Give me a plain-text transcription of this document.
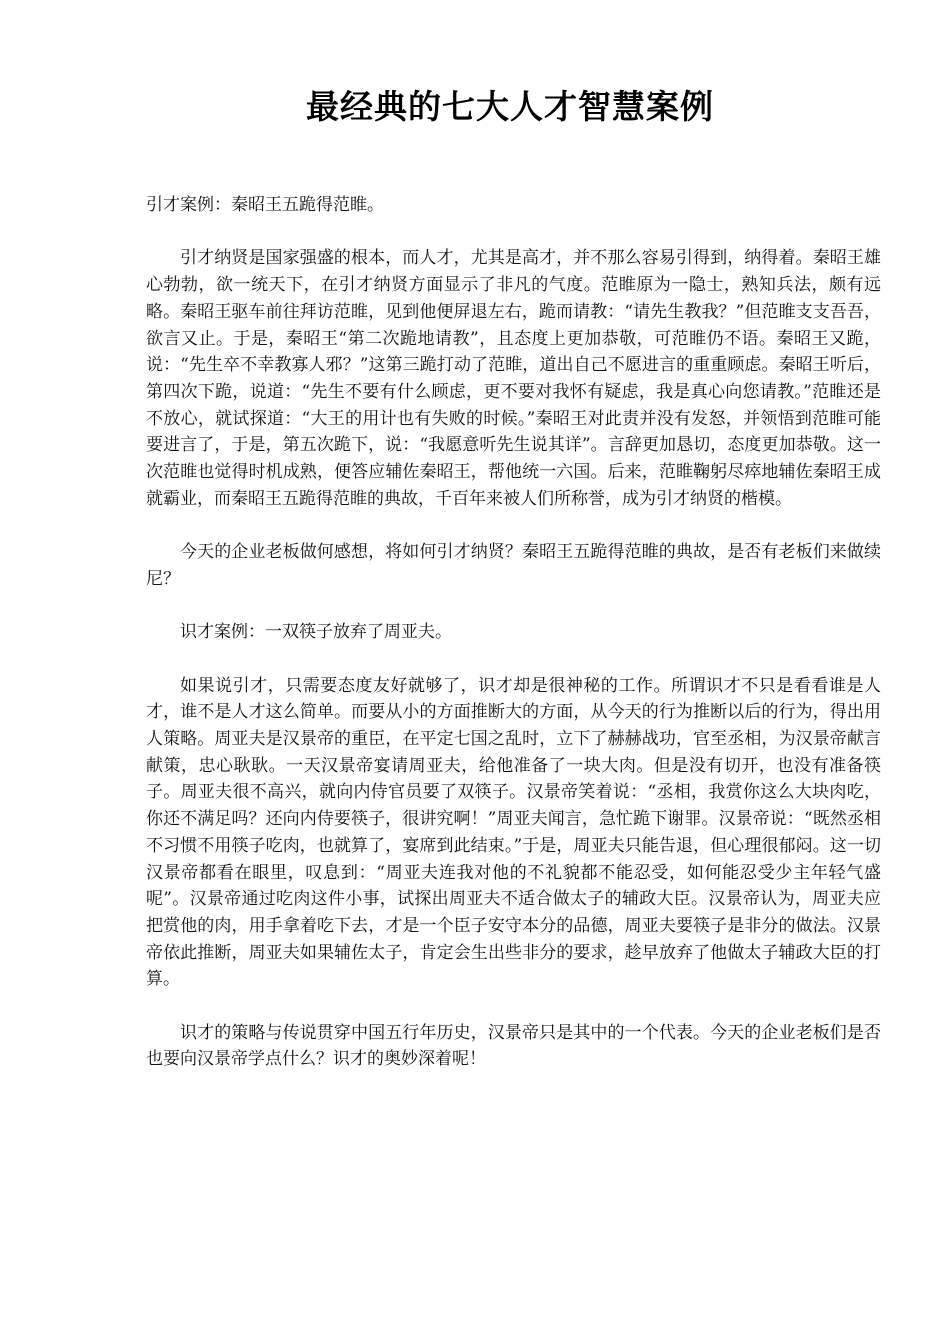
最经典的七大人才智慧案例

引才案例：秦昭王五跪得范睢。

引才纳贤是国家强盛的根本，而人才，尤其是高才，并不那么容易引得到，纳得着。秦昭王雄心勃勃，欲一统天下，在引才纳贤方面显示了非凡的气度。范睢原为一隐士，熟知兵法，颇有远略。秦昭王驱车前往拜访范睢，见到他便屏退左右，跪而请教：“请先生教我？”但范睢支支吾吾，欲言又止。于是，秦昭王“第二次跪地请教”，且态度上更加恭敬，可范睢仍不语。秦昭王又跪，说：“先生卒不幸教寡人邪？”这第三跪打动了范睢，道出自己不愿进言的重重顾虑。秦昭王听后，第四次下跪，说道：“先生不要有什么顾虑，更不要对我怀有疑虑，我是真心向您请教。”范睢还是不放心，就试探道：“大王的用计也有失败的时候。”秦昭王对此责并没有发怒，并领悟到范睢可能要进言了，于是，第五次跪下，说：“我愿意听先生说其详”。言辞更加恳切，态度更加恭敬。这一次范睢也觉得时机成熟，便答应辅佐秦昭王，帮他统一六国。后来，范睢鞠躬尽瘁地辅佐秦昭王成就霸业，而秦昭王五跪得范睢的典故，千百年来被人们所称誉，成为引才纳贤的楷模。

今天的企业老板做何感想，将如何引才纳贤？秦昭王五跪得范睢的典故，是否有老板们来做续尼？

识才案例：一双筷子放弃了周亚夫。

如果说引才，只需要态度友好就够了，识才却是很神秘的工作。所谓识才不只是看看谁是人才，谁不是人才这么简单。而要从小的方面推断大的方面，从今天的行为推断以后的行为，得出用人策略。周亚夫是汉景帝的重臣，在平定七国之乱时，立下了赫赫战功，官至丞相，为汉景帝献言献策，忠心耿耿。一天汉景帝宴请周亚夫，给他准备了一块大肉。但是没有切开，也没有准备筷子。周亚夫很不高兴，就向内侍官员要了双筷子。汉景帝笑着说：“丞相，我赏你这么大块肉吃，你还不满足吗？还向内侍要筷子，很讲究啊！”周亚夫闻言，急忙跪下谢罪。汉景帝说：“既然丞相不习惯不用筷子吃肉，也就算了，宴席到此结束。”于是，周亚夫只能告退，但心理很郁闷。这一切汉景帝都看在眼里，叹息到：“周亚夫连我对他的不礼貌都不能忍受，如何能忍受少主年轻气盛呢”。汉景帝通过吃肉这件小事，试探出周亚夫不适合做太子的辅政大臣。汉景帝认为，周亚夫应把赏他的肉，用手拿着吃下去，才是一个臣子安守本分的品德，周亚夫要筷子是非分的做法。汉景帝依此推断，周亚夫如果辅佐太子，肯定会生出些非分的要求，趁早放弃了他做太子辅政大臣的打算。

识才的策略与传说贯穿中国五行年历史，汉景帝只是其中的一个代表。今天的企业老板们是否也要向汉景帝学点什么？识才的奥妙深着呢！
